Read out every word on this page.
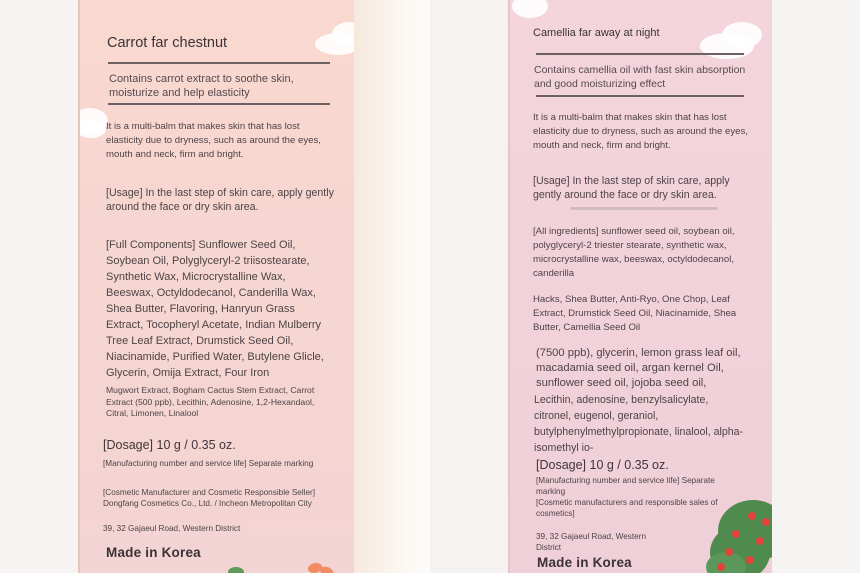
Carrot far chestnut

Contains carrot extract to soothe skin, moisturize and help elasticity

It is a multi-balm that makes skin that has lost elasticity due to dryness, such as around the eyes, mouth and neck, firm and bright.

[Usage] In the last step of skin care, apply gently around the face or dry skin area.

[Full Components] Sunflower Seed Oil, Soybean Oil, Polyglyceryl-2 triisostearate, Synthetic Wax, Microcrystalline Wax, Beeswax, Octyldodecanol, Canderilla Wax, Shea Butter, Flavoring, Hanryun Grass Extract, Tocopheryl Acetate, Indian Mulberry Tree Leaf Extract, Drumstick Seed Oil, Niacinamide, Purified Water, Butylene Glicle, Glycerin, Omija Extract, Four Iron

Mugwort Extract, Bogham Cactus Stem Extract, Carrot Extract (500 ppb), Lecithin, Adenosine, 1,2-Hexandaol, Citral, Limonen, Linalool

[Dosage] 10 g / 0.35 oz.

[Manufacturing number and service life] Separate marking

[Cosmetic Manufacturer and Cosmetic Responsible Seller] Dongfang Cosmetics Co., Ltd. / Incheon Metropolitan City

39, 32 Gajaeul Road, Western District

Made in Korea

Camellia far away at night

Contains camellia oil with fast skin absorption and good moisturizing effect

It is a multi-balm that makes skin that has lost elasticity due to dryness, such as around the eyes, mouth and neck, firm and bright.

[Usage] In the last step of skin care, apply gently around the face or dry skin area.

[All ingredients] sunflower seed oil, soybean oil, polyglyceryl-2 triester stearate, synthetic wax, microcrystalline wax, beeswax, octyldodecanol, canderilla

Hacks, Shea Butter, Anti-Ryo, One Chop, Leaf Extract, Drumstick Seed Oil, Niacinamide, Shea Butter, Camellia Seed Oil

(7500 ppb), glycerin, lemon grass leaf oil, macadamia seed oil, argan kernel Oil, sunflower seed oil, jojoba seed oil,

Lecithin, adenosine, benzylsalicylate, citronel, eugenol, geraniol, butylphenylmethylpropionate, linalool, alpha-isomethyl io-

[Dosage] 10 g / 0.35 oz.

[Manufacturing number and service life] Separate marking

[Cosmetic manufacturers and responsible sales of cosmetics]

39, 32 Gajaeul Road, Western District

Made in Korea
